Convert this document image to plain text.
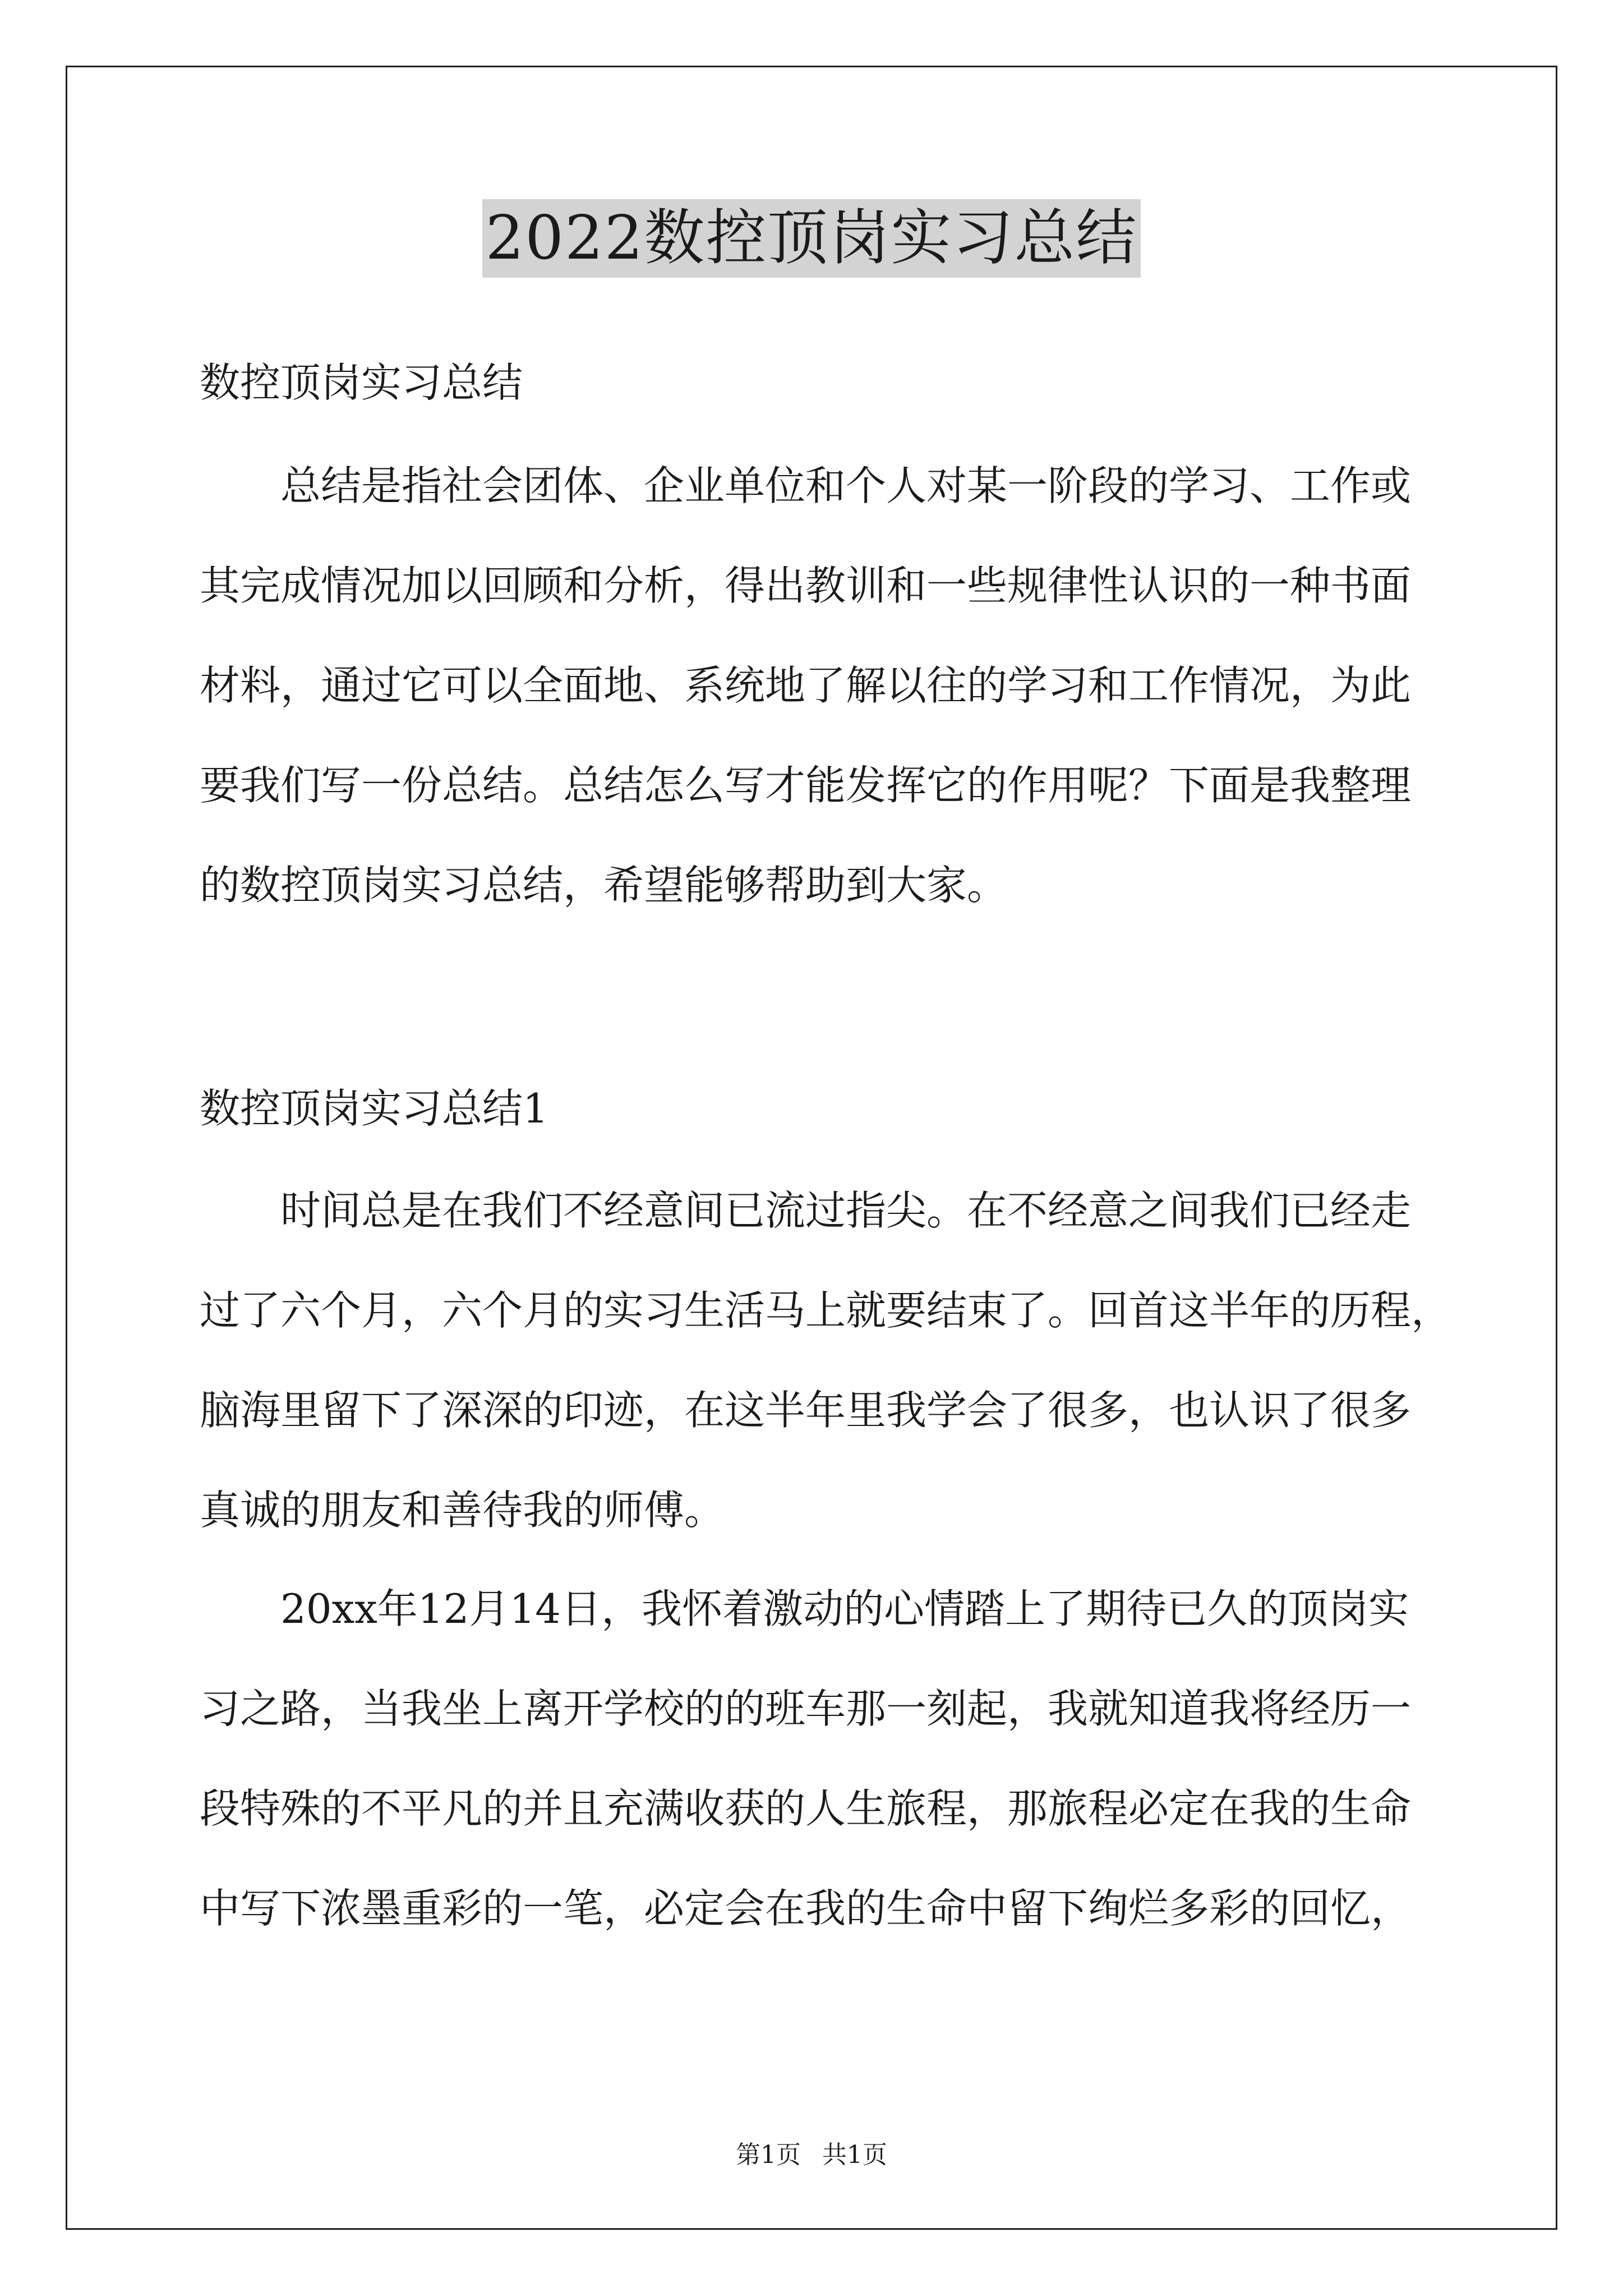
2022数控顶岗实习总结
数控顶岗实习总结
总结是指社会团体、企业单位和个人对某一阶段的学习、工作或
其完成情况加以回顾和分析，得出教训和一些规律性认识的一种书面
材料，通过它可以全面地、系统地了解以往的学习和工作情况，为此
要我们写一份总结。总结怎么写才能发挥它的作用呢？下面是我整理
的数控顶岗实习总结，希望能够帮助到大家。
数控顶岗实习总结1
时间总是在我们不经意间已流过指尖。在不经意之间我们已经走
过了六个月，六个月的实习生活马上就要结束了。回首这半年的历程，
脑海里留下了深深的印迹，在这半年里我学会了很多，也认识了很多
真诚的朋友和善待我的师傅。
20xx年12月14日，我怀着激动的心情踏上了期待已久的顶岗实
习之路，当我坐上离开学校的的班车那一刻起，我就知道我将经历一
段特殊的不平凡的并且充满收获的人生旅程，那旅程必定在我的生命
中写下浓墨重彩的一笔，必定会在我的生命中留下绚烂多彩的回忆，
第1页 共1页
